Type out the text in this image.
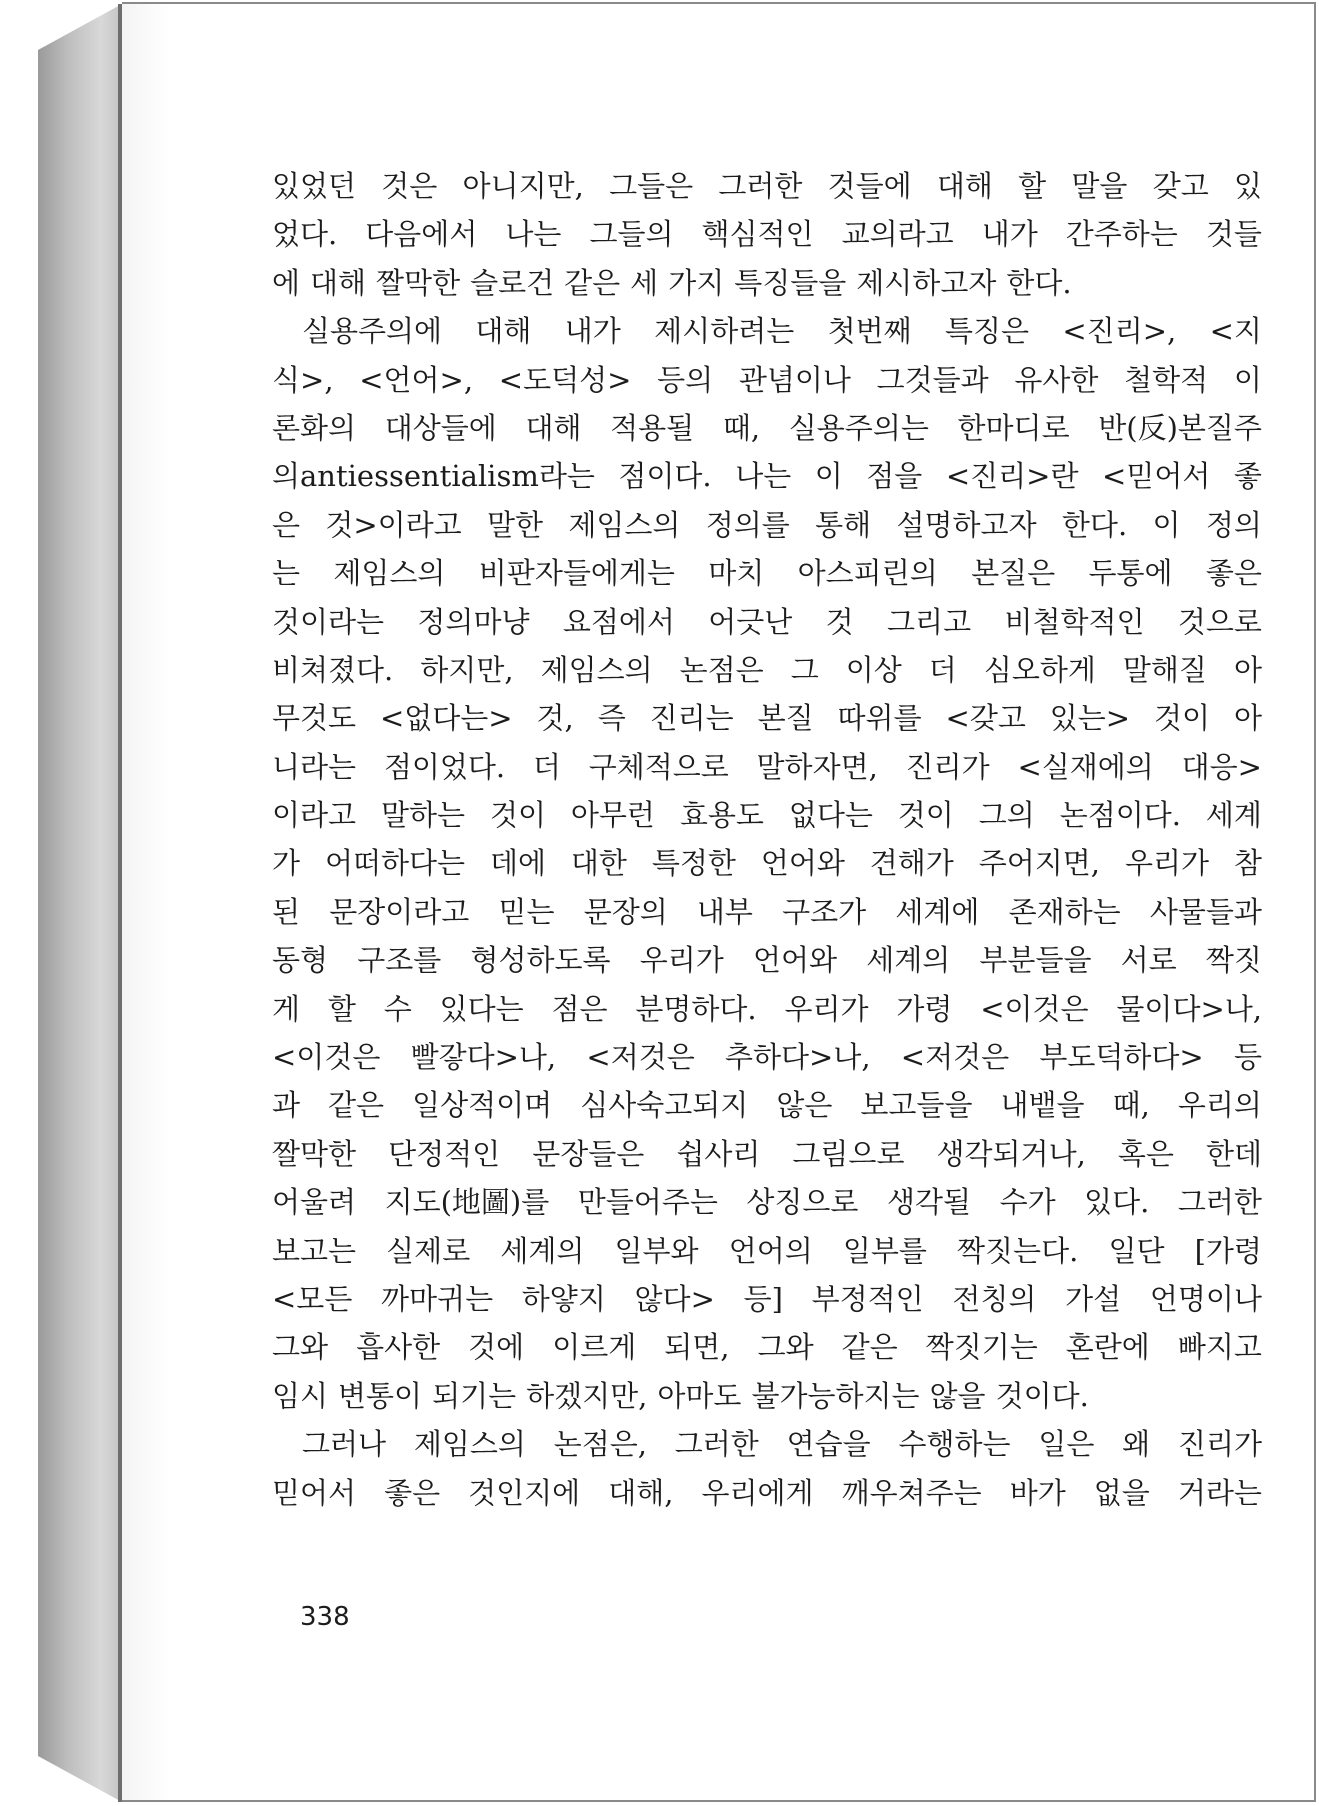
있었던 것은 아니지만, 그들은 그러한 것들에 대해 할 말을 갖고 있
었다. 다음에서 나는 그들의 핵심적인 교의라고 내가 간주하는 것들
에 대해 짤막한 슬로건 같은 세 가지 특징들을 제시하고자 한다.
실용주의에 대해 내가 제시하려는 첫번째 특징은 <진리>, <지
식>, <언어>, <도덕성> 등의 관념이나 그것들과 유사한 철학적 이
론화의 대상들에 대해 적용될 때, 실용주의는 한마디로 반(反)본질주
의antiessentialism라는 점이다. 나는 이 점을 <진리>란 <믿어서 좋
은 것>이라고 말한 제임스의 정의를 통해 설명하고자 한다. 이 정의
는 제임스의 비판자들에게는 마치 아스피린의 본질은 두통에 좋은
것이라는 정의마냥 요점에서 어긋난 것 그리고 비철학적인 것으로
비쳐졌다. 하지만, 제임스의 논점은 그 이상 더 심오하게 말해질 아
무것도 <없다는> 것, 즉 진리는 본질 따위를 <갖고 있는> 것이 아
니라는 점이었다. 더 구체적으로 말하자면, 진리가 <실재에의 대응>
이라고 말하는 것이 아무런 효용도 없다는 것이 그의 논점이다. 세계
가 어떠하다는 데에 대한 특정한 언어와 견해가 주어지면, 우리가 참
된 문장이라고 믿는 문장의 내부 구조가 세계에 존재하는 사물들과
동형 구조를 형성하도록 우리가 언어와 세계의 부분들을 서로 짝짓
게 할 수 있다는 점은 분명하다. 우리가 가령 <이것은 물이다>나,
<이것은 빨갛다>나, <저것은 추하다>나, <저것은 부도덕하다> 등
과 같은 일상적이며 심사숙고되지 않은 보고들을 내뱉을 때, 우리의
짤막한 단정적인 문장들은 쉽사리 그림으로 생각되거나, 혹은 한데
어울려 지도(地圖)를 만들어주는 상징으로 생각될 수가 있다. 그러한
보고는 실제로 세계의 일부와 언어의 일부를 짝짓는다. 일단 [가령
<모든 까마귀는 하얗지 않다> 등] 부정적인 전칭의 가설 언명이나
그와 흡사한 것에 이르게 되면, 그와 같은 짝짓기는 혼란에 빠지고
임시 변통이 되기는 하겠지만, 아마도 불가능하지는 않을 것이다.
그러나 제임스의 논점은, 그러한 연습을 수행하는 일은 왜 진리가
믿어서 좋은 것인지에 대해, 우리에게 깨우쳐주는 바가 없을 거라는
338
